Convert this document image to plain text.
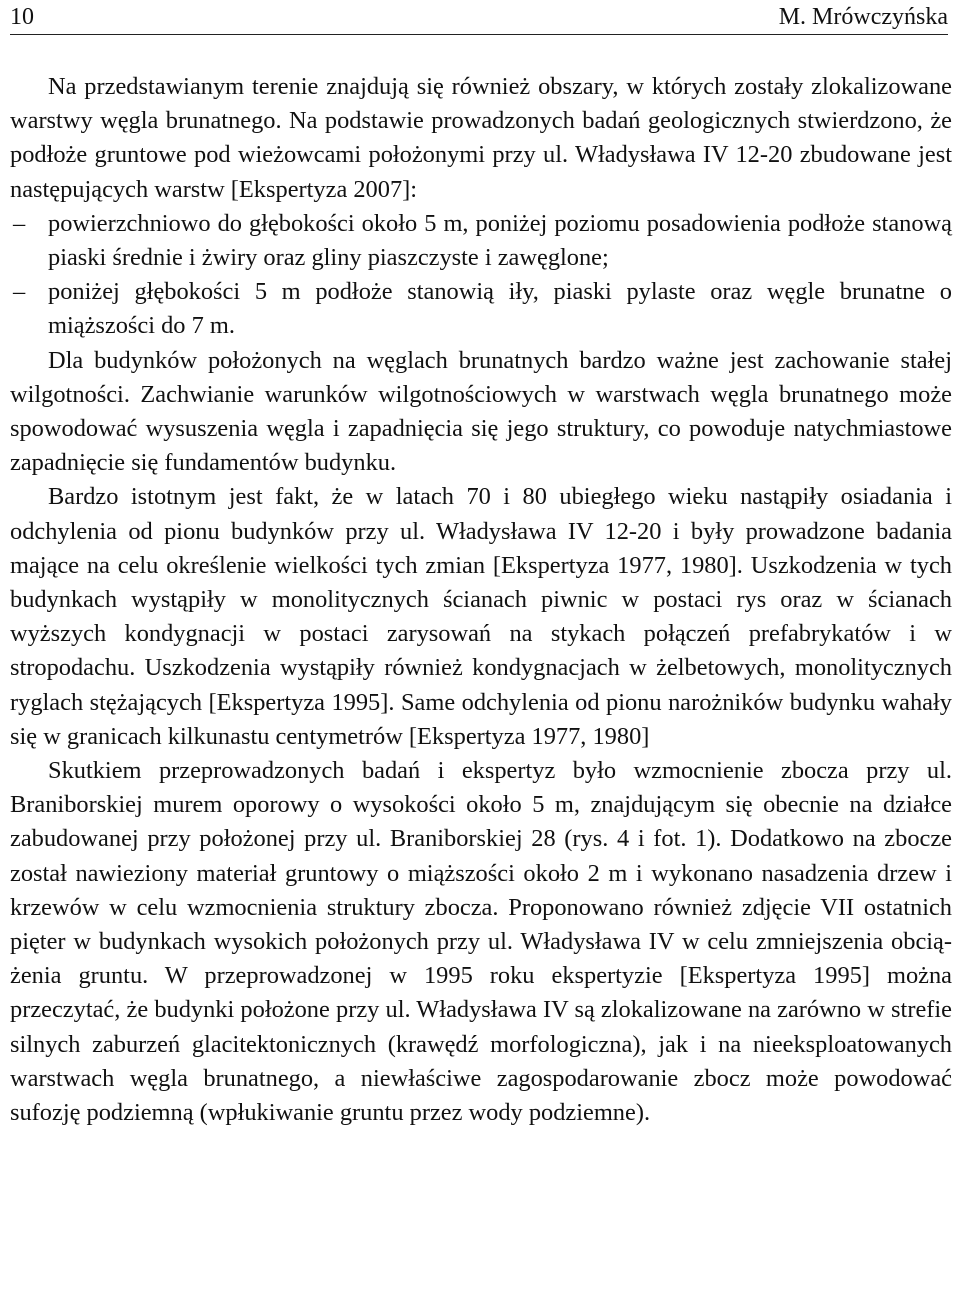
10	M. Mrówczyńska

Na przedstawianym terenie znajdują się również obszary, w których zostały zlokalizowane warstwy węgla brunatnego. Na podstawie prowadzonych badań geologicznych stwierdzono, że podłoże gruntowe pod wieżowcami położonymi przy ul. Władysława IV 12-20 zbudowane jest następujących warstw [Ekspertyza 2007]:

– powierzchniowo do głębokości około 5 m, poniżej poziomu posadowienia podłoże stanową piaski średnie i żwiry oraz gliny piaszczyste i zawęglone;
– poniżej głębokości 5 m podłoże stanowią iły, piaski pylaste oraz węgle brunatne o miąższości do 7 m.

Dla budynków położonych na węglach brunatnych bardzo ważne jest zachowanie stałej wilgotności. Zachwianie warunków wilgotnościowych w warstwach węgla brunatnego może spowodować wysuszenia węgla i zapadnięcia się jego struktury, co powoduje natychmiastowe zapadnięcie się fundamentów budynku.

Bardzo istotnym jest fakt, że w latach 70 i 80 ubiegłego wieku nastąpiły osiadania i odchylenia od pionu budynków przy ul. Władysława IV 12-20 i były prowadzone badania mające na celu określenie wielkości tych zmian [Ekspertyza 1977, 1980]. Uszkodzenia w tych budynkach wystąpiły w monolitycznych ścianach piwnic w postaci rys oraz w ścianach wyższych kondygnacji w postaci zarysowań na stykach połączeń prefabrykatów i w stropodachu. Uszkodzenia wystąpiły również kondygnacjach w żelbetowych, monolitycznych ryglach stężających [Ekspertyza 1995]. Same odchylenia od pionu narożników budynku wahały się w granicach kilkunastu centymetrów [Ekspertyza 1977, 1980]

Skutkiem przeprowadzonych badań i ekspertyz było wzmocnienie zbocza przy ul. Braniborskiej murem oporowy o wysokości około 5 m, znajdującym się obecnie na działce zabudowanej przy położonej przy ul. Braniborskiej 28 (rys. 4 i fot. 1). Dodatkowo na zbocze został nawieziony materiał gruntowy o miąższości około 2 m i wykonano nasadzenia drzew i krzewów w celu wzmocnienia struktury zbocza. Proponowano również zdjęcie VII ostatnich pięter w budynkach wysokich położonych przy ul. Władysława IV w celu zmniejszenia obciążenia gruntu. W przeprowadzonej w 1995 roku ekspertyzie [Ekspertyza 1995] można przeczytać, że budynki położone przy ul. Władysława IV są zlokalizowane na zarówno w strefie silnych zaburzeń glacitektonicznych (krawędź morfologiczna), jak i na nieeksploatowanych warstwach węgla brunatnego, a niewłaściwe zagospodarowanie zbocz może powodować sufozję podziemną (wpłukiwanie gruntu przez wody podziemne).
